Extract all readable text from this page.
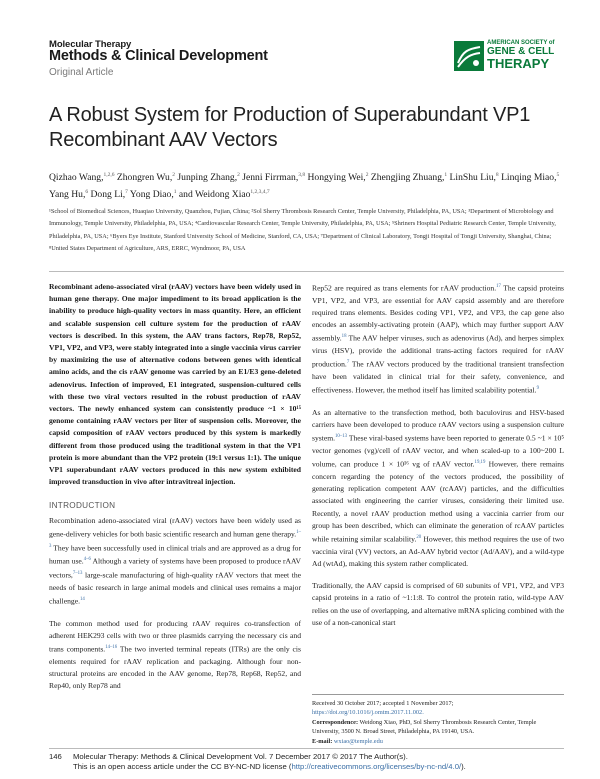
Molecular Therapy
Methods & Clinical Development
Original Article
AMERICAN SOCIETY of
GENE & CELL
THERAPY
A Robust System for Production of Superabundant VP1 Recombinant AAV Vectors
Qizhao Wang,$^{1,2,6}$ Zhongren Wu,$^2$ Junping Zhang,$^2$ Jenni Firrman,$^{3,8}$ Hongying Wei,$^2$ Zhengjing Zhuang,$^1$ LinShu Liu,$^8$ Linqing Miao,$^5$ Yang Hu,$^6$ Dong Li,$^7$ Yong Diao,$^1$ and Weidong Xiao$^{1,2,3,4,7}$
¹School of Biomedical Sciences, Huaqiao University, Quanzhou, Fujian, China; ²Sol Sherry Thrombosis Research Center, Temple University, Philadelphia, PA, USA; ³Department of Microbiology and Immunology, Temple University, Philadelphia, PA, USA; ⁴Cardiovascular Research Center, Temple University, Philadelphia, PA, USA; ⁵Shriners Hospital Pediatric Research Center, Temple University, Philadelphia, PA, USA; ⁶Byers Eye Institute, Stanford University School of Medicine, Stanford, CA, USA; ⁷Department of Clinical Laboratory, Tongji Hospital of Tongji University, Shanghai, China; ⁸United States Department of Agriculture, ARS, ERRC, Wyndmoor, PA, USA

Recombinant adeno-associated viral (rAAV) vectors have been widely used in human gene therapy. One major impediment to its broad application is the inability to produce high-quality vectors in mass quantity. Here, an efficient and scalable suspension cell culture system for the production of rAAV vectors is described. In this system, the AAV trans factors, Rep78, Rep52, VP1, VP2, and VP3, were stably integrated into a single vaccinia virus carrier by maximizing the use of alternative codons between genes with identical amino acids, and the cis rAAV genome was carried by an E1/E3 gene-deleted adenovirus. Infection of improved, E1 integrated, suspension-cultured cells with these two viral vectors resulted in the robust production of rAAV vectors. The newly enhanced system can consistently produce ~1 × 10¹⁵ genome containing rAAV vectors per liter of suspension cells. Moreover, the capsid composition of rAAV vectors produced by this system is markedly different from those produced using the traditional system in that the VP1 protein is more abundant than the VP2 protein (19:1 versus 1:1). The unique VP1 superabundant rAAV vectors produced in this new system exhibited improved transduction in vivo after intravitreal injection.

INTRODUCTION

Recombination adeno-associated viral (rAAV) vectors have been widely used as gene-delivery vehicles for both basic scientific research and human gene therapy.$^{1-3}$ They have been successfully used in clinical trials and are approved as a drug for human use.$^{4-6}$ Although a variety of systems have been proposed to produce rAAV vectors,$^{7-13}$ large-scale manufacturing of high-quality rAAV vectors that meet the needs of basic research in large animal models and clinical uses remains a major challenge.$^{14}$

The common method used for producing rAAV requires co-transfection of adherent HEK293 cells with two or three plasmids carrying the necessary cis and trans components.$^{14-16}$ The two inverted terminal repeats (ITRs) are the only cis elements required for rAAV replication and packaging. Although four non-structural proteins are encoded in the AAV genome, Rep78, Rep68, Rep52, and Rep40, only Rep78 and

Rep52 are required as trans elements for rAAV production.$^{17}$ The capsid proteins VP1, VP2, and VP3, are essential for AAV capsid assembly and are therefore required trans elements. Besides coding VP1, VP2, and VP3, the cap gene also encodes an assembly-activating protein (AAP), which may further support AAV assembly.$^{18}$ The AAV helper viruses, such as adenovirus (Ad), and herpes simplex virus (HSV), provide the additional trans-acting factors required for rAAV production.$^7$ The rAAV vectors produced by the traditional transient transfection have been validated in clinical trial for their safety, convenience, and effectiveness. However, the method itself has limited scalability potential.$^9$

As an alternative to the transfection method, both baculovirus and HSV-based carriers have been developed to produce rAAV vectors using a suspension culture system.$^{10-13}$ These viral-based systems have been reported to generate 0.5 ~1 × 10⁵ vector genomes (vg)/cell of rAAV vector, and when scaled-up to a 100~200 L volume, can produce 1 × 10¹⁶ vg of rAAV vector.$^{19,19}$ However, there remains concern regarding the potency of the vectors produced, the possibility of generating replication competent AAV (rcAAV) particles, and the difficulties associated with engineering the carrier viruses, considering their limited use. Recently, a novel rAAV production method using a vaccinia carrier from our group has been described, which can eliminate the generation of rcAAV particles while retaining similar scalability.$^{20}$ However, this method requires the use of two vaccinia viral (VV) vectors, an Ad-AAV hybrid vector (Ad/AAV), and a wild-type Ad (wtAd), making this system rather complicated.

Traditionally, the AAV capsid is comprised of 60 subunits of VP1, VP2, and VP3 capsid proteins in a ratio of ~1:1:8. To control the protein ratio, wild-type AAV relies on the use of overlapping, and alternative mRNA splicing combined with the use of a non-canonical start

Received 30 October 2017; accepted 1 November 2017;
https://doi.org/10.1016/j.omtm.2017.11.002.
Correspondence: Weidong Xiao, PhD, Sol Sherry Thrombosis Research Center, Temple University, 3500 N. Broad Street, Philadelphia, PA 19140, USA.
E-mail: wxiao@temple.edu
146 Molecular Therapy: Methods & Clinical Development Vol. 7 December 2017 © 2017 The Author(s).
This is an open access article under the CC BY-NC-ND license (http://creativecommons.org/licenses/by-nc-nd/4.0/).
